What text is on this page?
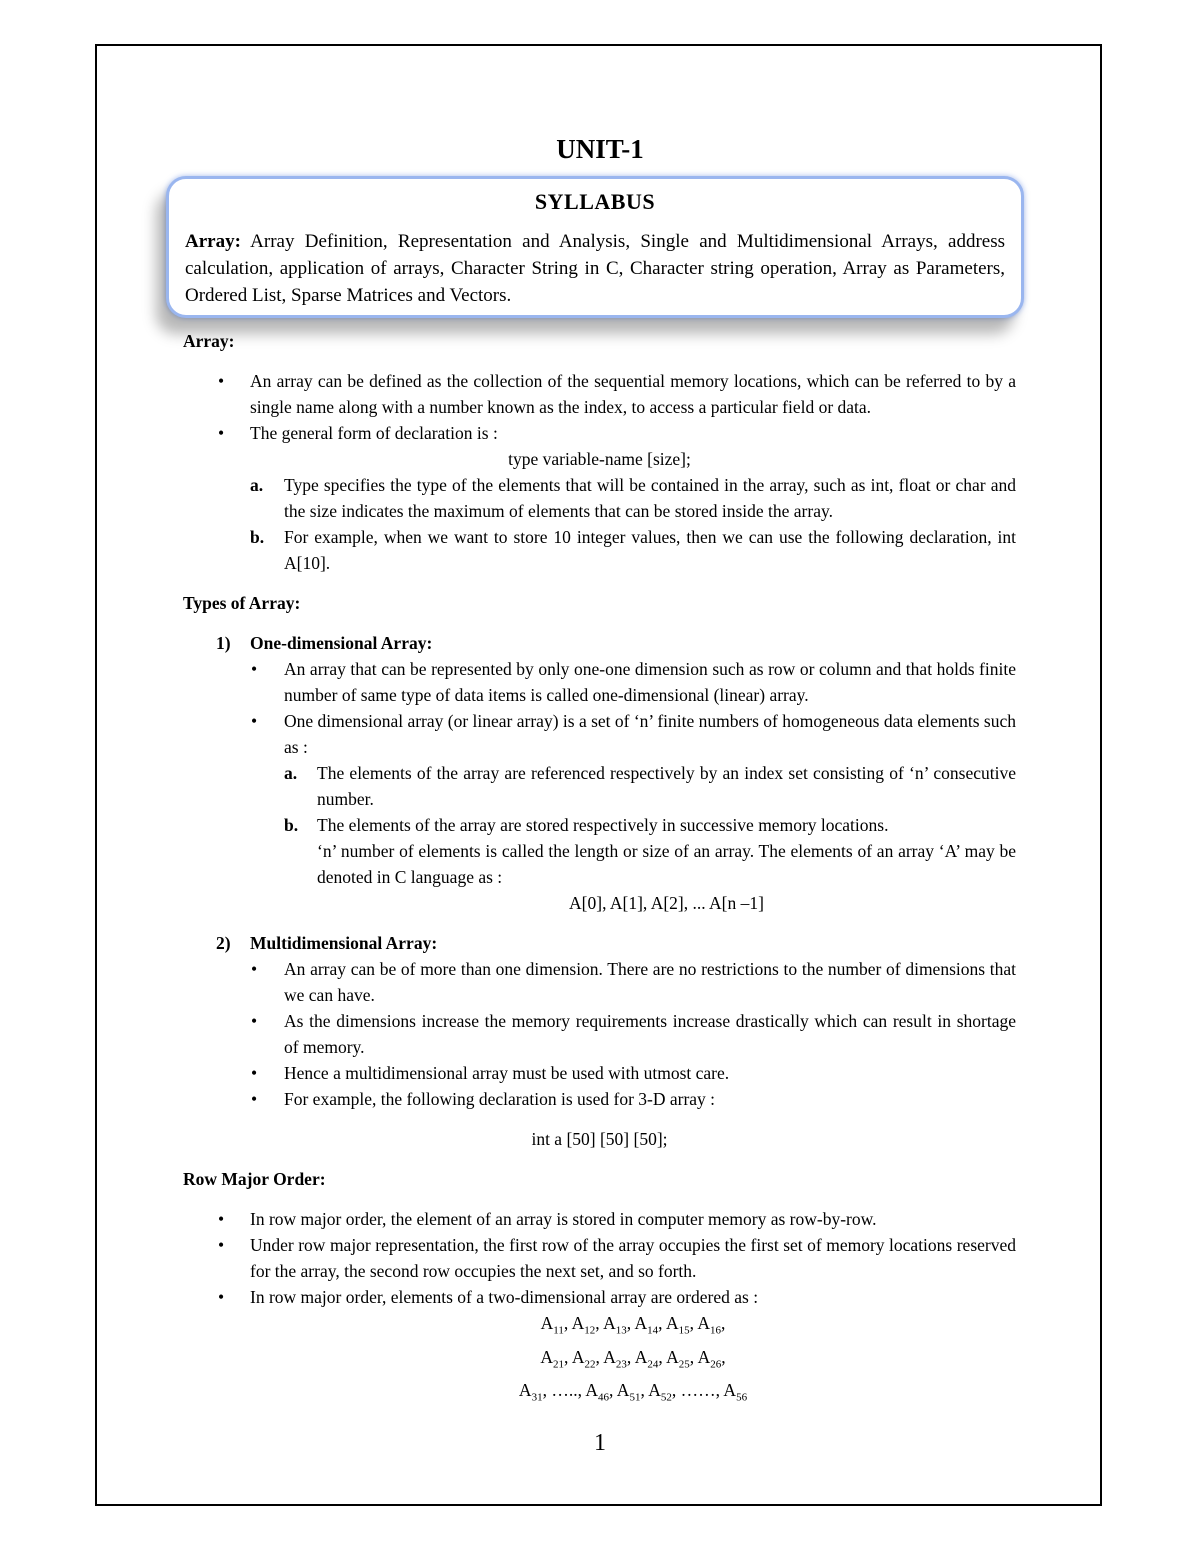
UNIT-1
SYLLABUS
Array: Array Definition, Representation and Analysis, Single and Multidimensional Arrays, address calculation, application of arrays, Character String in C, Character string operation, Array as Parameters, Ordered List, Sparse Matrices and Vectors.
Array:
• An array can be defined as the collection of the sequential memory locations, which can be referred to by a single name along with a number known as the index, to access a particular field or data.
• The general form of declaration is :
type variable-name [size];
a. Type specifies the type of the elements that will be contained in the array, such as int, float or char and the size indicates the maximum of elements that can be stored inside the array.
b. For example, when we want to store 10 integer values, then we can use the following declaration, int A[10].
Types of Array:
1) One-dimensional Array:
• An array that can be represented by only one-one dimension such as row or column and that holds finite number of same type of data items is called one-dimensional (linear) array.
• One dimensional array (or linear array) is a set of ‘n’ finite numbers of homogeneous data elements such as :
a. The elements of the array are referenced respectively by an index set consisting of ‘n’ consecutive number.
b. The elements of the array are stored respectively in successive memory locations.
‘n’ number of elements is called the length or size of an array. The elements of an array ‘A’ may be denoted in C language as :
A[0], A[1], A[2], ... A[n –1]
2) Multidimensional Array:
• An array can be of more than one dimension. There are no restrictions to the number of dimensions that we can have.
• As the dimensions increase the memory requirements increase drastically which can result in shortage of memory.
• Hence a multidimensional array must be used with utmost care.
• For example, the following declaration is used for 3-D array :
int a [50] [50] [50];
Row Major Order:
• In row major order, the element of an array is stored in computer memory as row-by-row.
• Under row major representation, the first row of the array occupies the first set of memory locations reserved for the array, the second row occupies the next set, and so forth.
• In row major order, elements of a two-dimensional array are ordered as :
$A_{11}$, $A_{12}$, $A_{13}$, $A_{14}$, $A_{15}$, $A_{16}$,
$A_{21}$, $A_{22}$, $A_{23}$, $A_{24}$, $A_{25}$, $A_{26}$,
$A_{31}$, ….., $A_{46}$, $A_{51}$, $A_{52}$, ……, $A_{56}$
1
